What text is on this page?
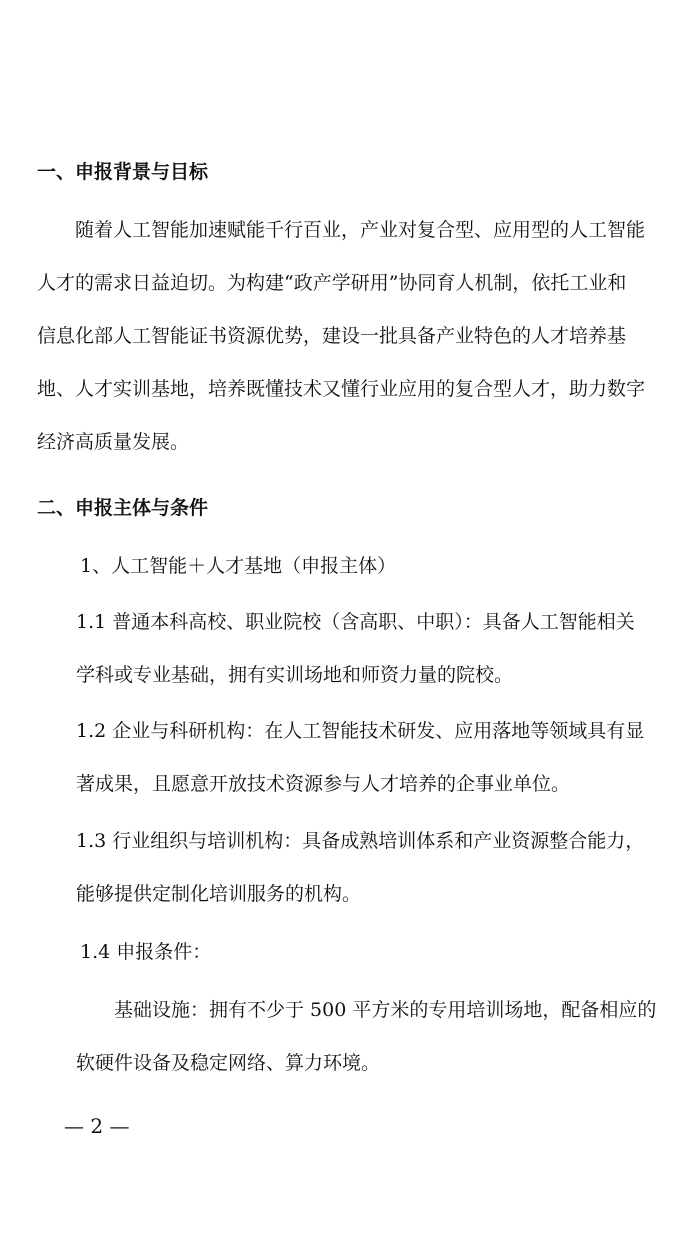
一、申报背景与目标
随着人工智能加速赋能千行百业，产业对复合型、应用型的人工智能
人才的需求日益迫切。为构建“政产学研用”协同育人机制，依托工业和
信息化部人工智能证书资源优势，建设一批具备产业特色的人才培养基
地、人才实训基地，培养既懂技术又懂行业应用的复合型人才，助力数字
经济高质量发展。
二、申报主体与条件
1、人工智能＋人才基地（申报主体）
1.1 普通本科高校、职业院校（含高职、中职）：具备人工智能相关
学科或专业基础，拥有实训场地和师资力量的院校。
1.2 企业与科研机构：在人工智能技术研发、应用落地等领域具有显
著成果，且愿意开放技术资源参与人才培养的企事业单位。
1.3 行业组织与培训机构：具备成熟培训体系和产业资源整合能力，
能够提供定制化培训服务的机构。
1.4 申报条件：
基础设施：拥有不少于 500 平方米的专用培训场地，配备相应的
软硬件设备及稳定网络、算力环境。
— 2 —
